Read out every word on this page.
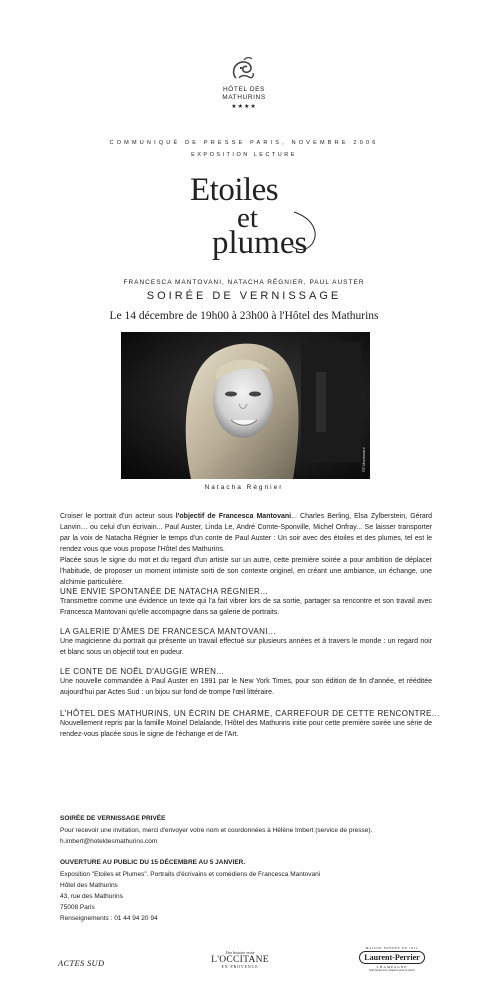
HÔTEL DES
MATHURINS
★★★★
COMMUNIQUÉ DE PRESSE PARIS, NOVEMBRE 2006
EXPOSITION LECTURE
Etoiles
et
plumes
FRANCESCA MANTOVANI, NATACHA RÉGNIER, PAUL AUSTER
SOIRÉE DE VERNISSAGE
Le 14 décembre de 19h00 à 23h00 à l'Hôtel des Mathurins
©F.Mantovani
Natacha Régnier
Croiser le portrait d'un acteur sous l'objectif de Francesca Mantovani... Charles Berling, Elsa Zylberstein, Gérard Lanvin… ou celui d'un écrivain... Paul Auster, Linda Le, André Comte-Sponville, Michel Onfray... Se laisser transporter par la voix de Natacha Régnier le temps d'un conte de Paul Auster : Un soir avec des étoiles et des plumes, tel est le rendez vous que vous propose l'Hôtel des Mathurins.
Placée sous le signe du mot et du regard d'un artiste sur un autre, cette première soirée a pour ambition de déplacer l'habitude, de proposer un moment intimiste sorti de son contexte originel, en créant une ambiance, un échange, une alchimie particulière.
UNE ENVIE SPONTANÉE DE NATACHA RÉGNIER...
Transmettre comme une évidence un texte qui l'a fait vibrer lors de sa sortie, partager sa rencontre et son travail avec Francesca Mantovani qu'elle accompagne dans sa galerie de portraits.
LA GALERIE D'ÂMES DE FRANCESCA MANTOVANI...
Une magicienne du portrait qui présente un travail effectué sur plusieurs années et à travers le monde : un regard noir et blanc sous un objectif tout en pudeur.
LE CONTE DE NOËL D'AUGGIE WREN...
Une nouvelle commandée à Paul Auster en 1991 par le New York Times, pour son édition de fin d'année, et rééditée aujourd'hui par Actes Sud : un bijou sur fond de trompe l'œil littéraire.
L'HÔTEL DES MATHURINS, UN ÉCRIN DE CHARME, CARREFOUR DE CETTE RENCONTRE...
Nouvellement repris par la famille Moinel Delalande, l'Hôtel des Mathurins initie pour cette première soirée une série de rendez-vous placée sous le signe de l'échange et de l'Art.
SOIRÉE DE VERNISSAGE PRIVÉE
Pour recevoir une invitation, merci d'envoyer votre nom et coordonnées à Hélène Imbert (service de presse).
h.imbert@hoteldesmathurins.com
OUVERTURE AU PUBLIC DU 15 DÉCEMBRE AU 5 JANVIER.
Exposition "Etoiles et Plumes". Portraits d'écrivains et comédiens de Francesca Mantovani
Hôtel des Mathurins
43, rue des Mathurins
75008 Paris
Renseignements : 01 44 94 20 94
ACTES SUD
Une histoire vraie
L'OCCITANE
EN PROVENCE
MAISON FONDÉE EN 1812
Laurent-Perrier
CHAMPAGNE
Sélectionné avec élégance pour la soirée
